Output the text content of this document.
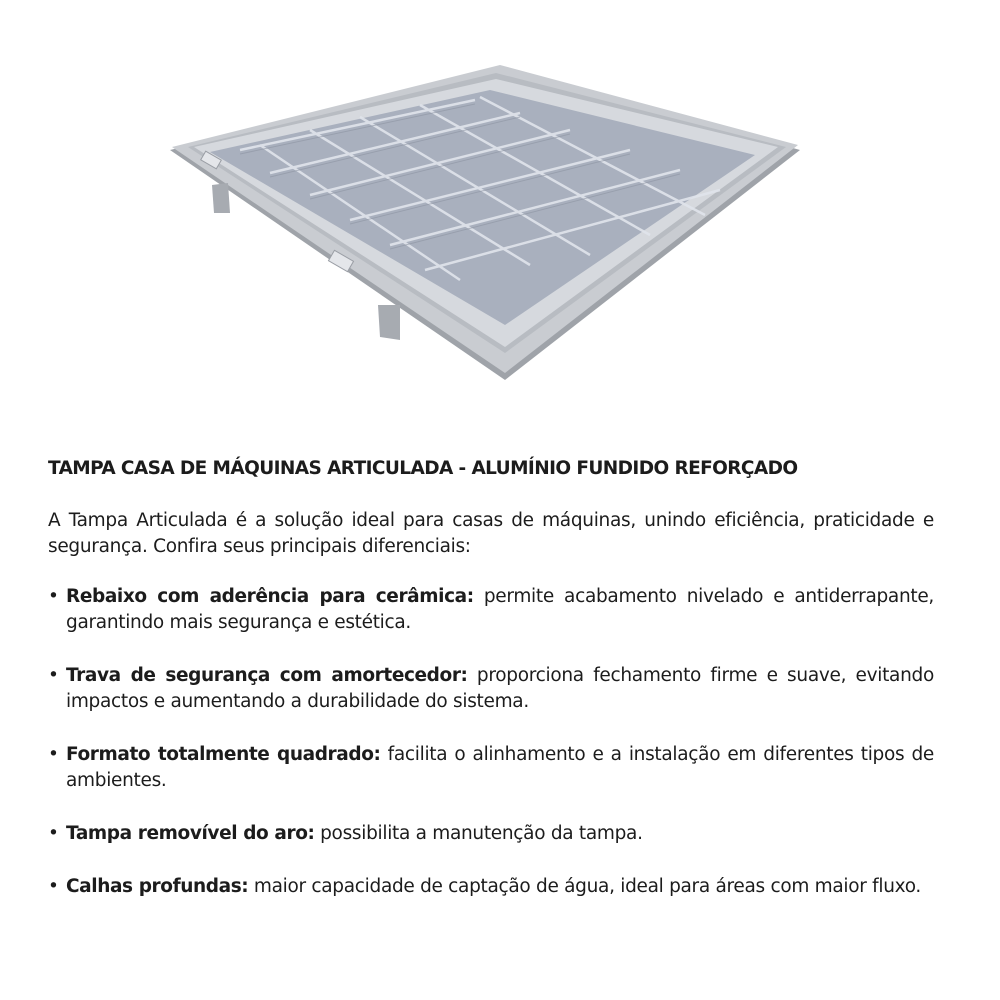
TAMPA CASA DE MÁQUINAS ARTICULADA - ALUMÍNIO FUNDIDO REFORÇADO

A Tampa Articulada é a solução ideal para casas de máquinas, unindo eficiência, praticidade e segurança. Confira seus principais diferenciais:

• Rebaixo com aderência para cerâmica: permite acabamento nivelado e antiderrapante, garantindo mais segurança e estética.
• Trava de segurança com amortecedor: proporciona fechamento firme e suave, evitando impactos e aumentando a durabilidade do sistema.
• Formato totalmente quadrado: facilita o alinhamento e a instalação em diferentes tipos de ambientes.
• Tampa removível do aro: possibilita a manutenção da tampa.
• Calhas profundas: maior capacidade de captação de água, ideal para áreas com maior fluxo.
